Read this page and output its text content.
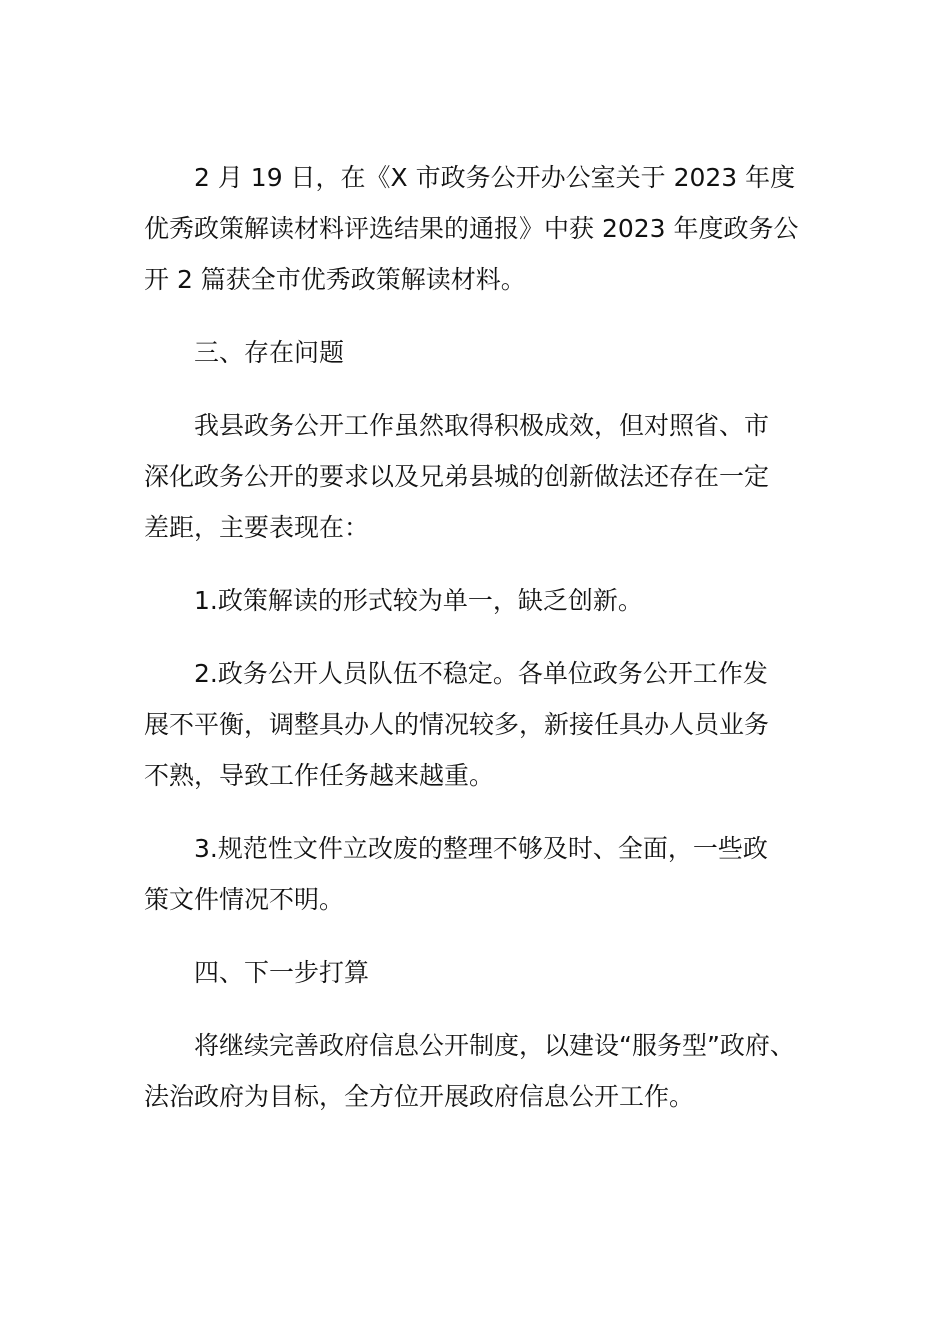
2 月 19 日，在《X 市政务公开办公室关于 2023 年度
优秀政策解读材料评选结果的通报》中获 2023 年度政务公
开 2 篇获全市优秀政策解读材料。

三、存在问题

我县政务公开工作虽然取得积极成效，但对照省、市
深化政务公开的要求以及兄弟县城的创新做法还存在一定
差距，主要表现在：

1.政策解读的形式较为单一，缺乏创新。

2.政务公开人员队伍不稳定。各单位政务公开工作发
展不平衡，调整具办人的情况较多，新接任具办人员业务
不熟，导致工作任务越来越重。

3.规范性文件立改废的整理不够及时、全面，一些政
策文件情况不明。

四、下一步打算

将继续完善政府信息公开制度，以建设“服务型”政府、
法治政府为目标，全方位开展政府信息公开工作。
